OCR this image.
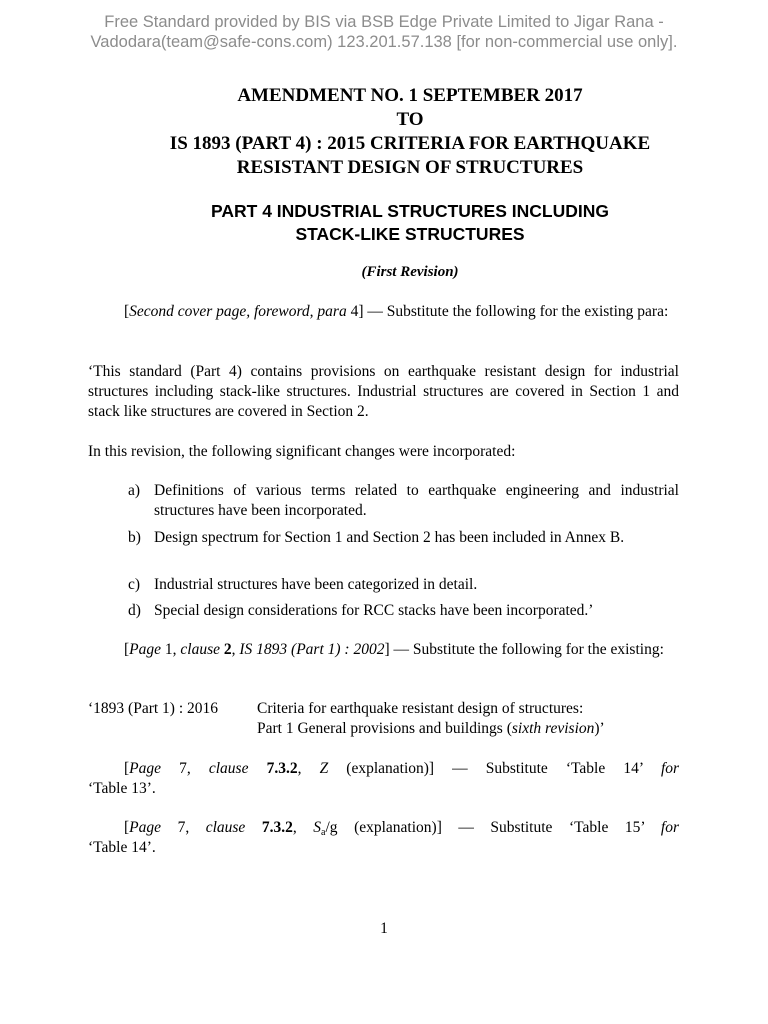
Free Standard provided by BIS via BSB Edge Private Limited to Jigar Rana -
Vadodara(team@safe-cons.com) 123.201.57.138 [for non-commercial use only].
AMENDMENT NO. 1 SEPTEMBER 2017
TO
IS 1893 (PART 4) : 2015 CRITERIA FOR EARTHQUAKE
RESISTANT DESIGN OF STRUCTURES
PART 4 INDUSTRIAL STRUCTURES INCLUDING
STACK-LIKE STRUCTURES
(First Revision)
[Second cover page, foreword, para 4] — Substitute the following for the existing para:
‘This standard (Part 4) contains provisions on earthquake resistant design for industrial structures including stack-like structures. Industrial structures are covered in Section 1 and stack like structures are covered in Section 2.
In this revision, the following significant changes were incorporated:
a) Definitions of various terms related to earthquake engineering and industrial structures have been incorporated.
b) Design spectrum for Section 1 and Section 2 has been included in Annex B.
c) Industrial structures have been categorized in detail.
d) Special design considerations for RCC stacks have been incorporated.’
[Page 1, clause 2, IS 1893 (Part 1) : 2002] — Substitute the following for the existing:
‘1893 (Part 1) : 2016	Criteria for earthquake resistant design of structures:
Part 1 General provisions and buildings (sixth revision)’
[Page 7, clause 7.3.2, Z (explanation)] — Substitute ‘Table 14’ for
‘Table 13’.
[Page 7, clause 7.3.2, $S_a/g$ (explanation)] — Substitute ‘Table 15’ for
‘Table 14’.
1
